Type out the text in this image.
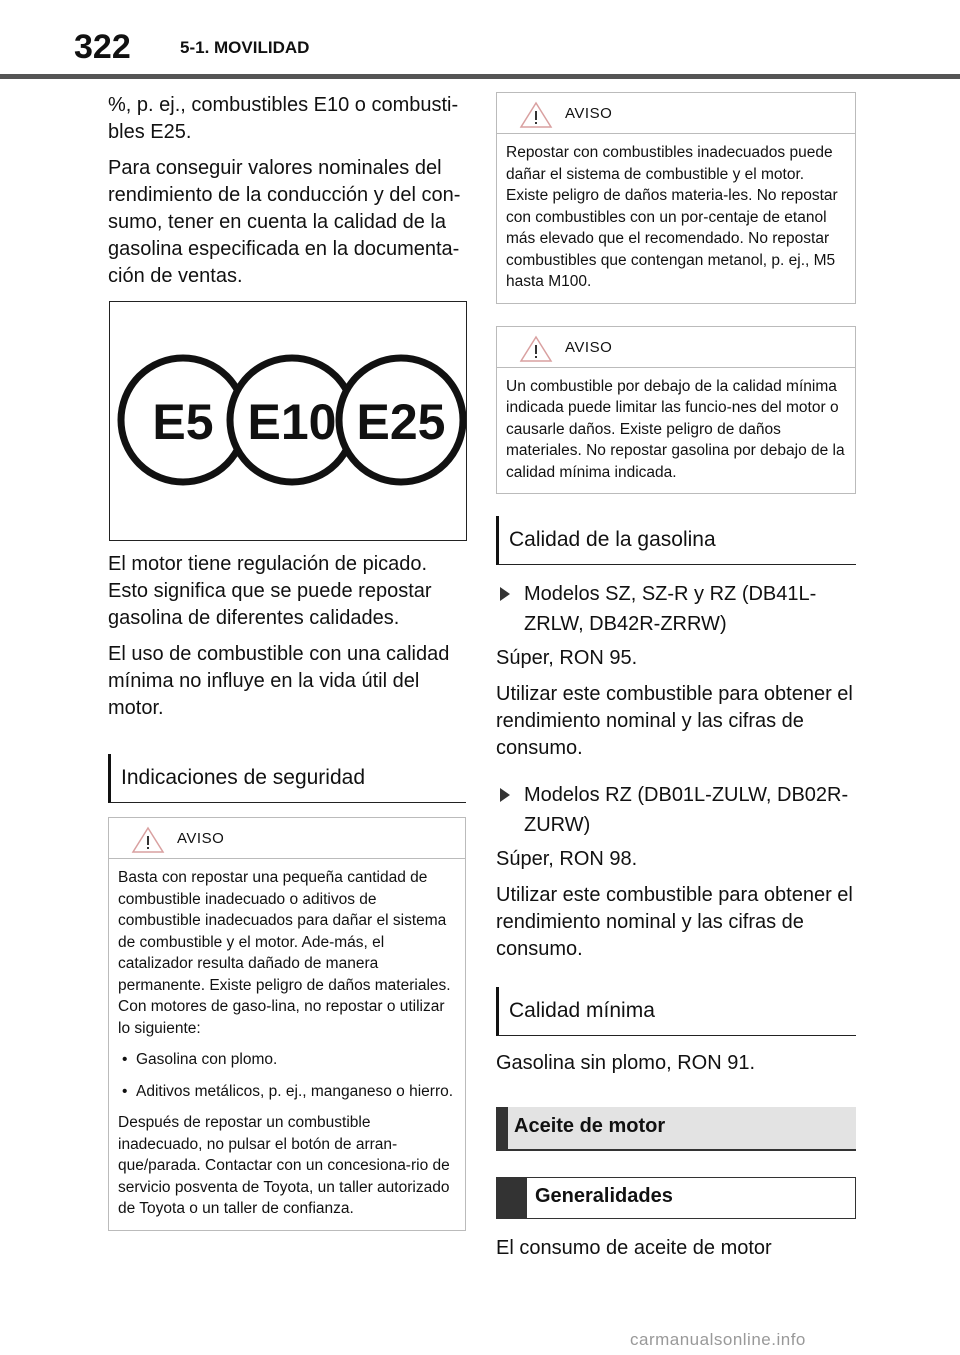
322	5-1. MOVILIDAD

%, p. ej., combustibles E10 o combusti-bles E25.

Para conseguir valores nominales del rendimiento de la conducción y del con-sumo, tener en cuenta la calidad de la gasolina especificada en la documenta-ción de ventas.

E5 E10 E25

El motor tiene regulación de picado. Esto significa que se puede repostar gasolina de diferentes calidades.

El uso de combustible con una calidad mínima no influye en la vida útil del motor.

Indicaciones de seguridad
AVISO

Basta con repostar una pequeña cantidad de combustible inadecuado o aditivos de combustible inadecuados para dañar el sistema de combustible y el motor. Ade-más, el catalizador resulta dañado de manera permanente. Existe peligro de daños materiales. Con motores de gaso-lina, no repostar o utilizar lo siguiente:

• Gasolina con plomo.

• Aditivos metálicos, p. ej., manganeso o hierro.

Después de repostar un combustible inadecuado, no pulsar el botón de arran-que/parada. Contactar con un concesiona-rio de servicio posventa de Toyota, un taller autorizado de Toyota o un taller de confianza.

AVISO

Repostar con combustibles inadecuados puede dañar el sistema de combustible y el motor. Existe peligro de daños materia-les. No repostar con combustibles con un por-centaje de etanol más elevado que el recomendado. No repostar combustibles que contengan metanol, p. ej., M5 hasta M100.

AVISO

Un combustible por debajo de la calidad mínima indicada puede limitar las funcio-nes del motor o causarle daños. Existe peligro de daños materiales. No repostar gasolina por debajo de la calidad mínima indicada.

Calidad de la gasolina

Modelos SZ, SZ-R y RZ (DB41L-ZRLW, DB42R-ZRRW)

Súper, RON 95.

Utilizar este combustible para obtener el rendimiento nominal y las cifras de consumo.

Modelos RZ (DB01L-ZULW, DB02R-ZURW)

Súper, RON 98.

Utilizar este combustible para obtener el rendimiento nominal y las cifras de consumo.

Calidad mínima

Gasolina sin plomo, RON 91.

Aceite de motor
Generalidades

El consumo de aceite de motor

carmanualsonline.info
